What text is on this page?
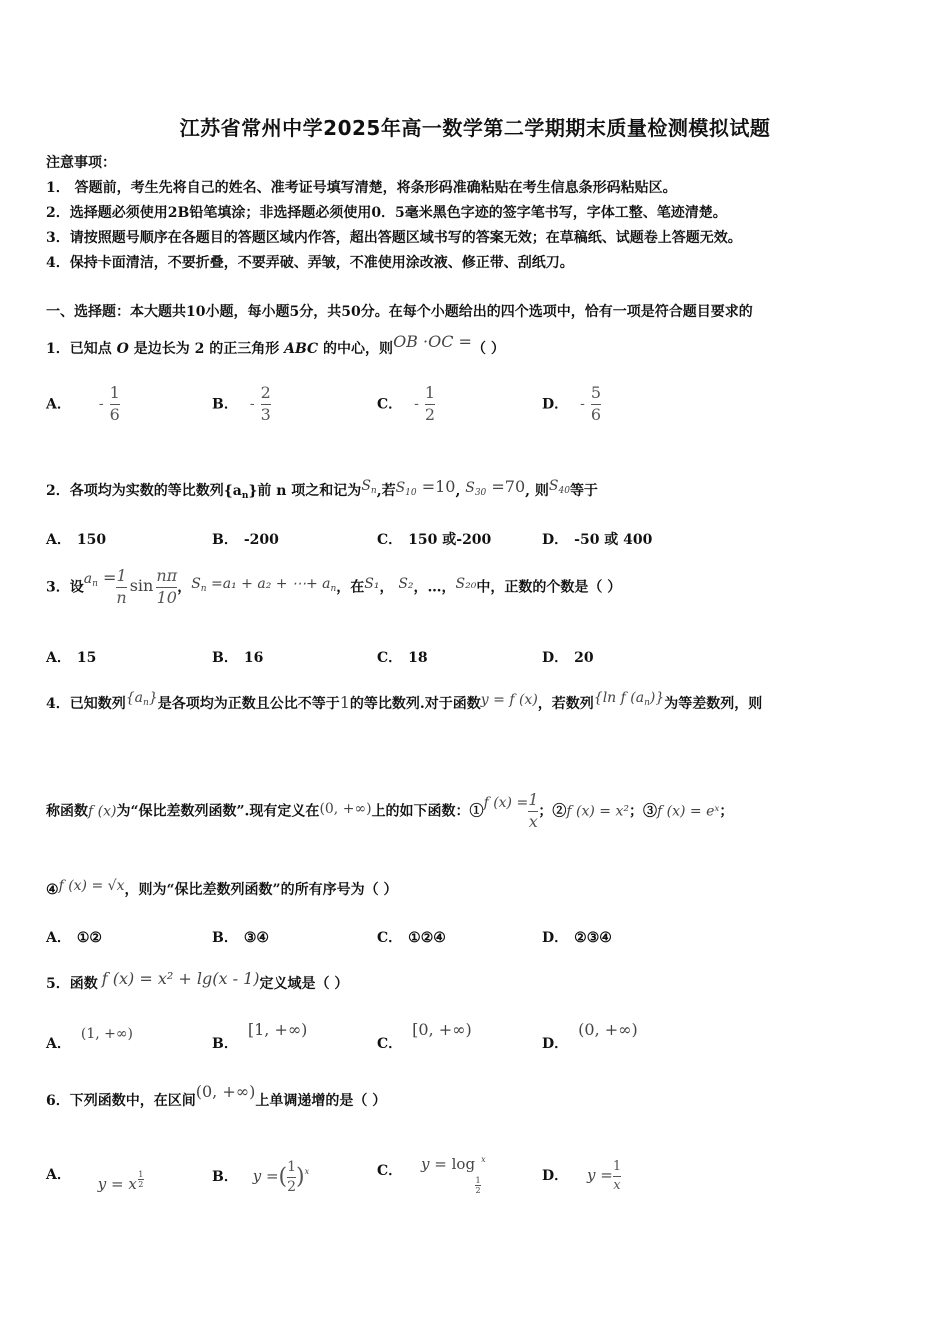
江苏省常州中学2025年高一数学第二学期期末质量检测模拟试题
注意事项：
1． 答题前，考生先将自己的姓名、准考证号填写清楚，将条形码准确粘贴在考生信息条形码粘贴区。
2．选择题必须使用2B铅笔填涂；非选择题必须使用0．5毫米黑色字迹的签字笔书写，字体工整、笔迹清楚。
3．请按照题号顺序在各题目的答题区域内作答，超出答题区域书写的答案无效；在草稿纸、试题卷上答题无效。
4．保持卡面清洁，不要折叠，不要弄破、弄皱，不准使用涂改液、修正带、刮纸刀。
一、选择题：本大题共10小题，每小题5分，共50分。在每个小题给出的四个选项中，恰有一项是符合题目要求的
1．已知点 O 是边长为 2 的正三角形 ABC 的中心，则OB ·OC =（ ）
A． - $\frac{1}{6}$	B． - $\frac{2}{3}$	C． - $\frac{1}{2}$	D． - $\frac{5}{6}$
2．各项均为实数的等比数列$\{a_n\}$前 n 项之和记为$S_n$,若$S_{10} =10$, $S_{30} =70$, 则$S_{40}$等于
A． 150	B． -200	C． 150 或-200	D． -50 或 400
3．设$a_n = \frac{1}{n}$ $\sin \frac{n\pi}{10}$ ，$S_n =a_1 + a_2$ + ⋯+ $a_n$，在S₁， S₂，…，S₂₀中，正数的个数是（ ）
A． 15	B． 16	C． 18	D． 20
4．已知数列$\{a_n\}$是各项均为正数且公比不等于1的等比数列.对于函数y = f (x)，若数列{ln f $(a_n)$}为等差数列，则
称函数f (x)为“保比差数列函数”.现有定义在(0, +∞)上的如下函数：①f $(x) = \frac{1}{x}$ ；②f (x) = x²；③f (x) = eˣ；
④f (x) = √x，则为“保比差数列函数”的所有序号为（ ）
A． ①②	B． ③④	C． ①②④	D． ②③④
5．函数 f (x) = x² + lg(x - 1)定义域是（ ）
A．(1, +∞)
B．[1, +∞)
C．[0, +∞)
D．(0, +∞)
6．下列函数中，在区间(0, +∞)上单调递增的是（ ）
A． y = x $\frac{1}{2}$	B． y =( $\frac{1}{2} )^x$	C． y = log
$\frac{1}{2}$
$^x$
D． $y = \frac{1}{x}$
